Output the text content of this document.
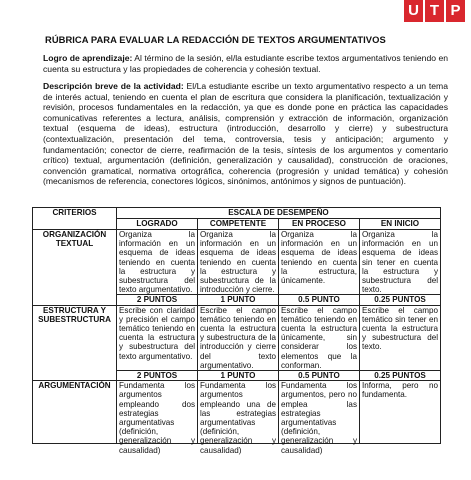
U T P
RÚBRICA PARA EVALUAR LA REDACCIÓN DE TEXTOS ARGUMENTATIVOS
Logro de aprendizaje: Al término de la sesión, el/la estudiante escribe textos argumentativos teniendo en cuenta su estructura y las propiedades de coherencia y cohesión textual.
Descripción breve de la actividad: El/La estudiante escribe un texto argumentativo respecto a un tema de interés actual, teniendo en cuenta el plan de escritura que considera la planificación, textualización y revisión, procesos fundamentales en la redacción, ya que es donde pone en práctica las capacidades comunicativas referentes a lectura, análisis, comprensión y extracción de información, organización textual (esquema de ideas), estructura (introducción, desarrollo y cierre) y subestructura (contextualización, presentación del tema, controversia, tesis y anticipación; argumento y fundamentación; conector de cierre, reafirmación de la tesis, síntesis de los argumentos y comentario crítico) textual, argumentación (definición, generalización y causalidad), construcción de oraciones, convención gramatical, normativa ortográfica, coherencia (progresión y unidad temática) y cohesión (mecanismos de referencia, conectores lógicos, sinónimos, antónimos y signos de puntuación).
CRITERIOS	ESCALA DE DESEMPEÑO			
	LOGRADO	COMPETENTE	EN PROCESO	EN INICIO
ORGANIZACIÓN TEXTUAL	Organiza la información en un esquema de ideas teniendo en cuenta la estructura y subestructura del texto argumentativo.	Organiza la información en un esquema de ideas teniendo en cuenta la estructura y subestructura de la introducción y cierre.	Organiza la información en un esquema de ideas teniendo en cuenta la estructura, únicamente.	Organiza la información en un esquema de ideas sin tener en cuenta la estructura y subestructura del texto.
	2 PUNTOS	1 PUNTO	0.5 PUNTO	0.25 PUNTOS
ESTRUCTURA Y SUBESTRUCTURA	Escribe con claridad y precisión el campo temático teniendo en cuenta la estructura y subestructura del texto argumentativo.	Escribe el campo temático teniendo en cuenta la estructura y subestructura de la introducción y cierre del texto argumentativo.	Escribe el campo temático teniendo en cuenta la estructura únicamente, sin considerar los elementos que la conforman.	Escribe el campo temático sin tener en cuenta la estructura y subestructura del texto.
	2 PUNTOS	1 PUNTO	0.5 PUNTO	0.25 PUNTOS
ARGUMENTACIÓN	Fundamenta los argumentos empleando dos estrategias argumentativas (definición, generalización y causalidad)	Fundamenta los argumentos empleando una de las estrategias argumentativas (definición, generalización y causalidad)	Fundamenta los argumentos, pero no emplea las estrategias argumentativas (definición, generalización y causalidad)	Informa, pero no fundamenta.
